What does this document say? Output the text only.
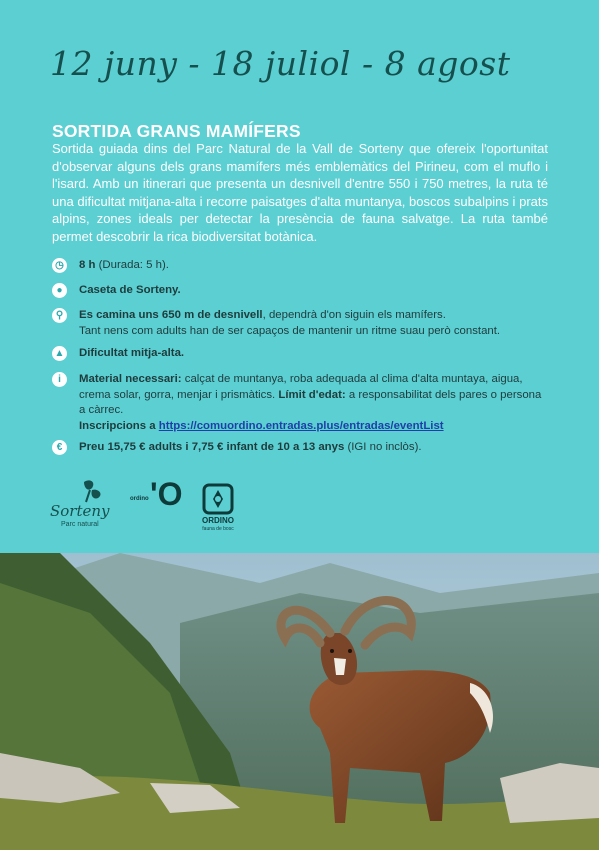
12 juny - 18 juliol - 8 agost
SORTIDA GRANS MAMÍFERS
Sortida guiada dins del Parc Natural de la Vall de Sorteny que ofereix l'oportunitat d'observar alguns dels grans mamífers més emblemàtics del Pirineu, com el muflo i l'isard. Amb un itinerari que presenta un desnivell d'entre 550 i 750 metres, la ruta té una dificultat mitjana-alta i recorre paisatges d'alta muntanya, boscos subalpins i prats alpins, zones ideals per detectar la presència de fauna salvatge. La ruta també permet descobrir la rica biodiversitat botànica.
◷ 8 h (Durada: 5 h).
●	Caseta de Sorteny.
⚲	Es camina uns 650 m de desnivell, dependrà d'on siguin els mamífers.
Tant nens com adults han de ser capaços de mantenir un ritme suau però constant.
▲ Dificultat mitja-alta.
i	Material necessari: calçat de muntanya, roba adequada al clima d'alta muntaya, aigua, crema solar, gorra, menjar i prismàtics. Límit d'edat: a responsabilitat dels pares o persona a càrrec.
Inscripcions a https://comuordino.entradas.plus/entradas/eventList
€	Preu 15,75 € adults i 7,75 € infant de 10 a 13 anys (IGI no inclòs).
Sorteny
Parc natural
ordino 'O
ORDINO
fauna de bosc
